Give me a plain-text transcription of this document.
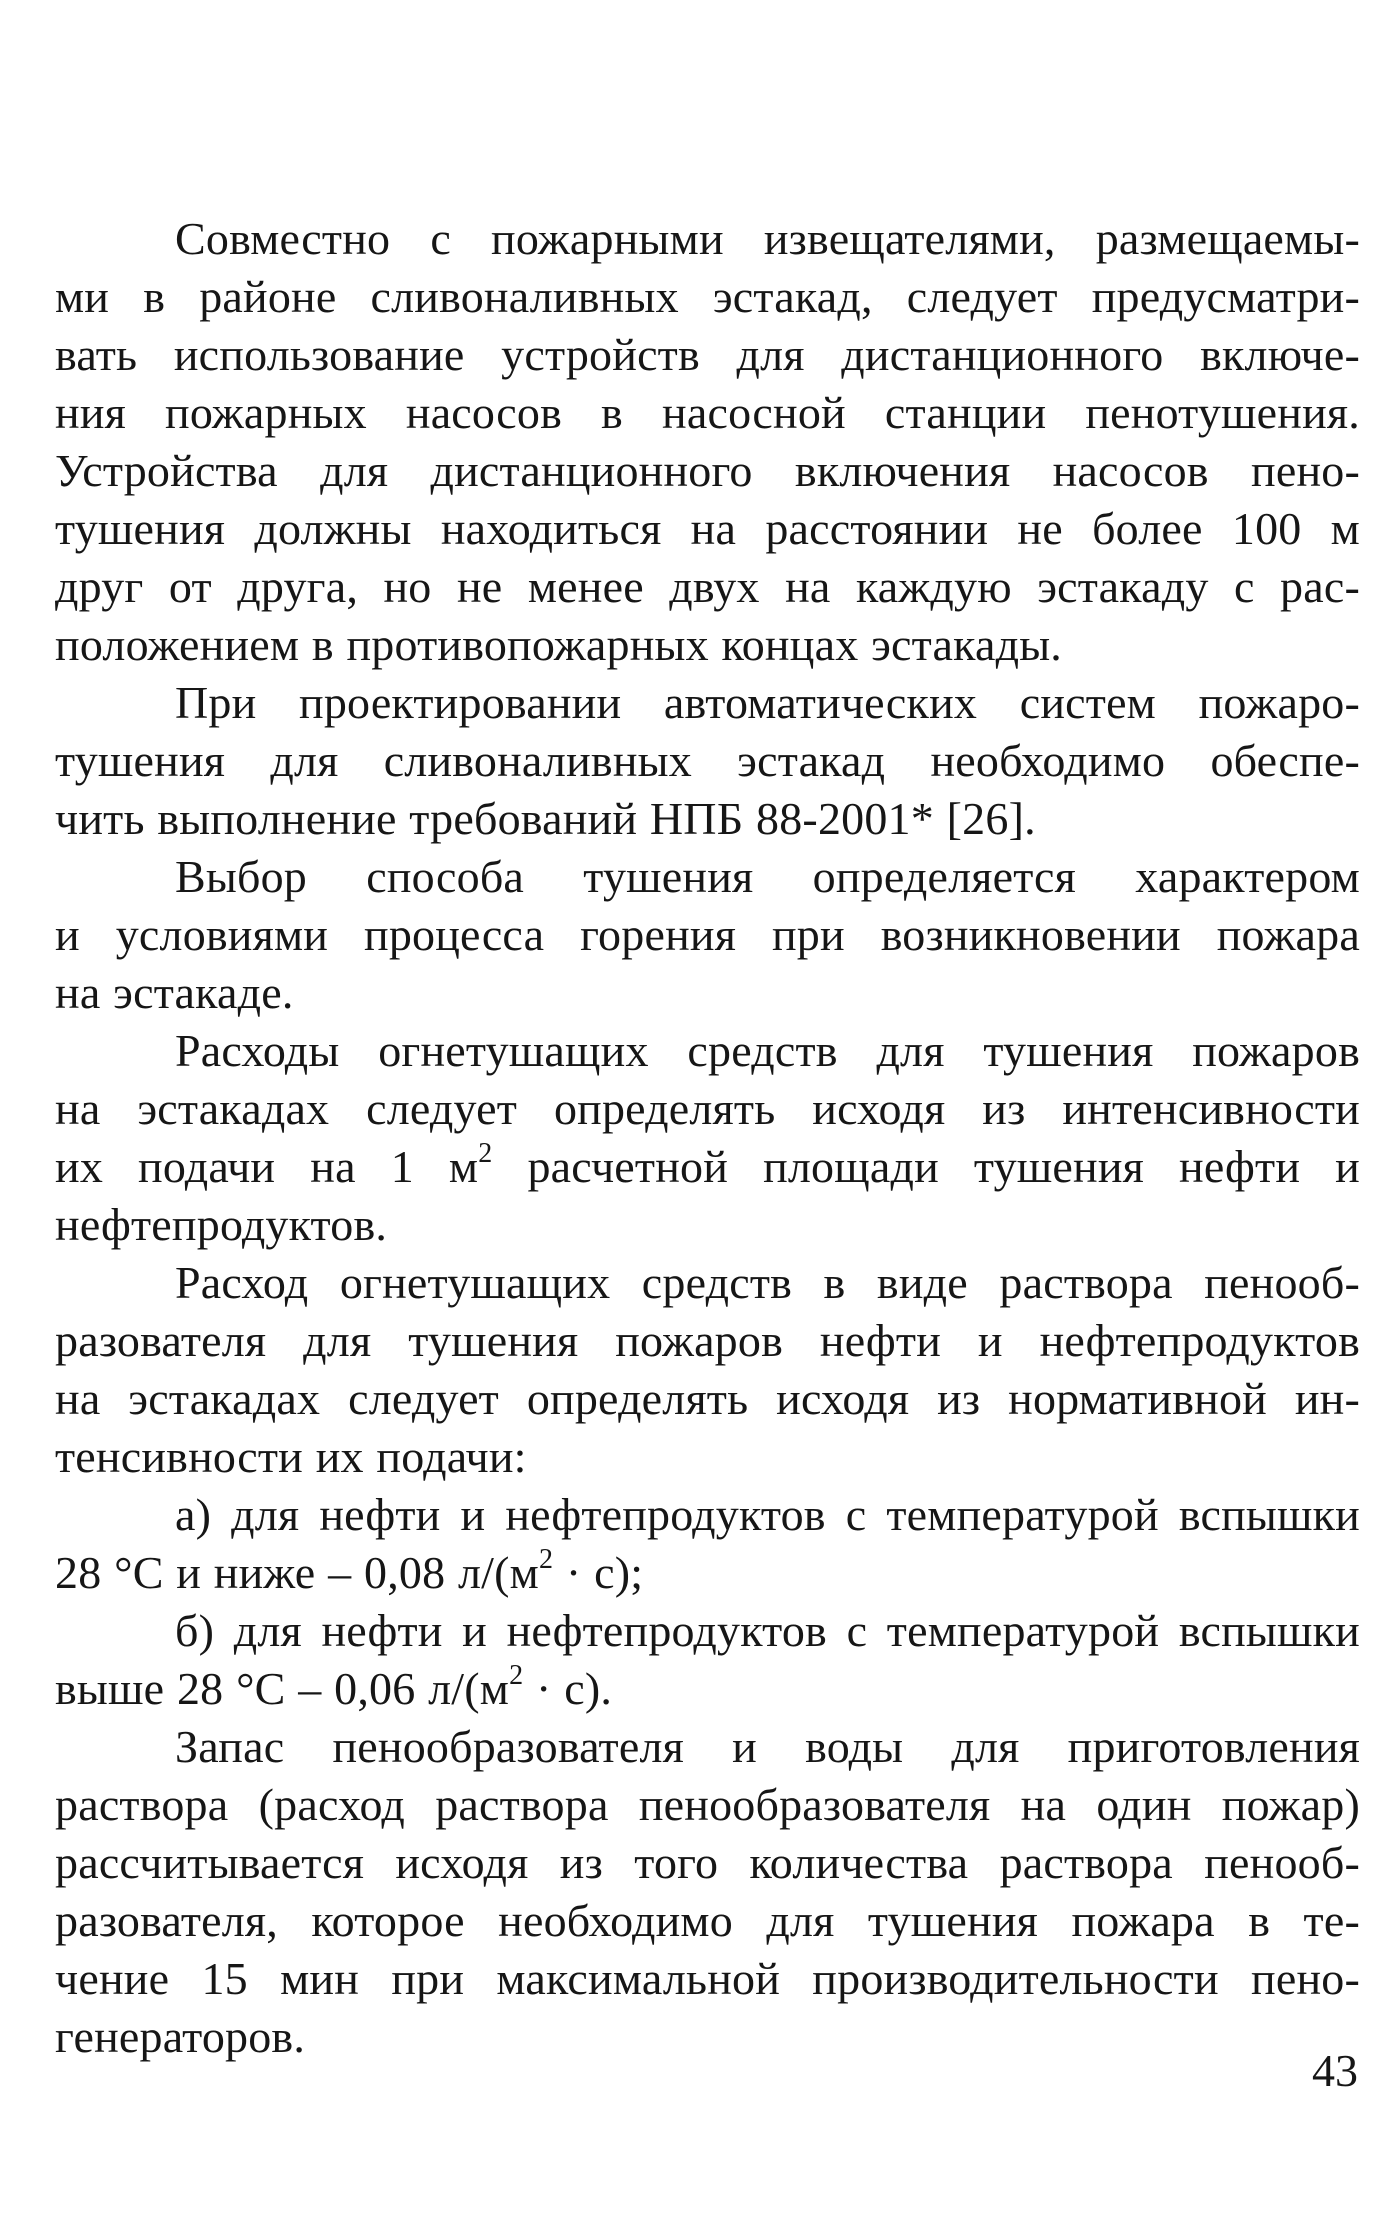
Совместно с пожарными извещателями, размещаемы-
ми в районе сливоналивных эстакад, следует предусматри-
вать использование устройств для дистанционного включе-
ния пожарных насосов в насосной станции пенотушения.
Устройства для дистанционного включения насосов пено-
тушения должны находиться на расстоянии не более 100 м
друг от друга, но не менее двух на каждую эстакаду с рас-
положением в противопожарных концах эстакады.

При проектировании автоматических систем пожаро-
тушения для сливоналивных эстакад необходимо обеспе-
чить выполнение требований НПБ 88-2001* [26].

Выбор способа тушения определяется характером
и условиями процесса горения при возникновении пожара
на эстакаде.

Расходы огнетушащих средств для тушения пожаров
на эстакадах следует определять исходя из интенсивности
их подачи на 1 $м^2$ расчетной площади тушения нефти и
нефтепродуктов.

Расход огнетушащих средств в виде раствора пенооб-
разователя для тушения пожаров нефти и нефтепродуктов
на эстакадах следует определять исходя из нормативной ин-
тенсивности их подачи:

а) для нефти и нефтепродуктов с температурой вспышки
28 °С и ниже – 0,08 $л/(м^2 \cdot с)$;

б) для нефти и нефтепродуктов с температурой вспышки
выше 28 °С – 0,06 $л/(м^2 \cdot с)$.

Запас пенообразователя и воды для приготовления
раствора (расход раствора пенообразователя на один пожар)
рассчитывается исходя из того количества раствора пенооб-
разователя, которое необходимо для тушения пожара в те-
чение 15 мин при максимальной производительности пено-
генераторов.

43
